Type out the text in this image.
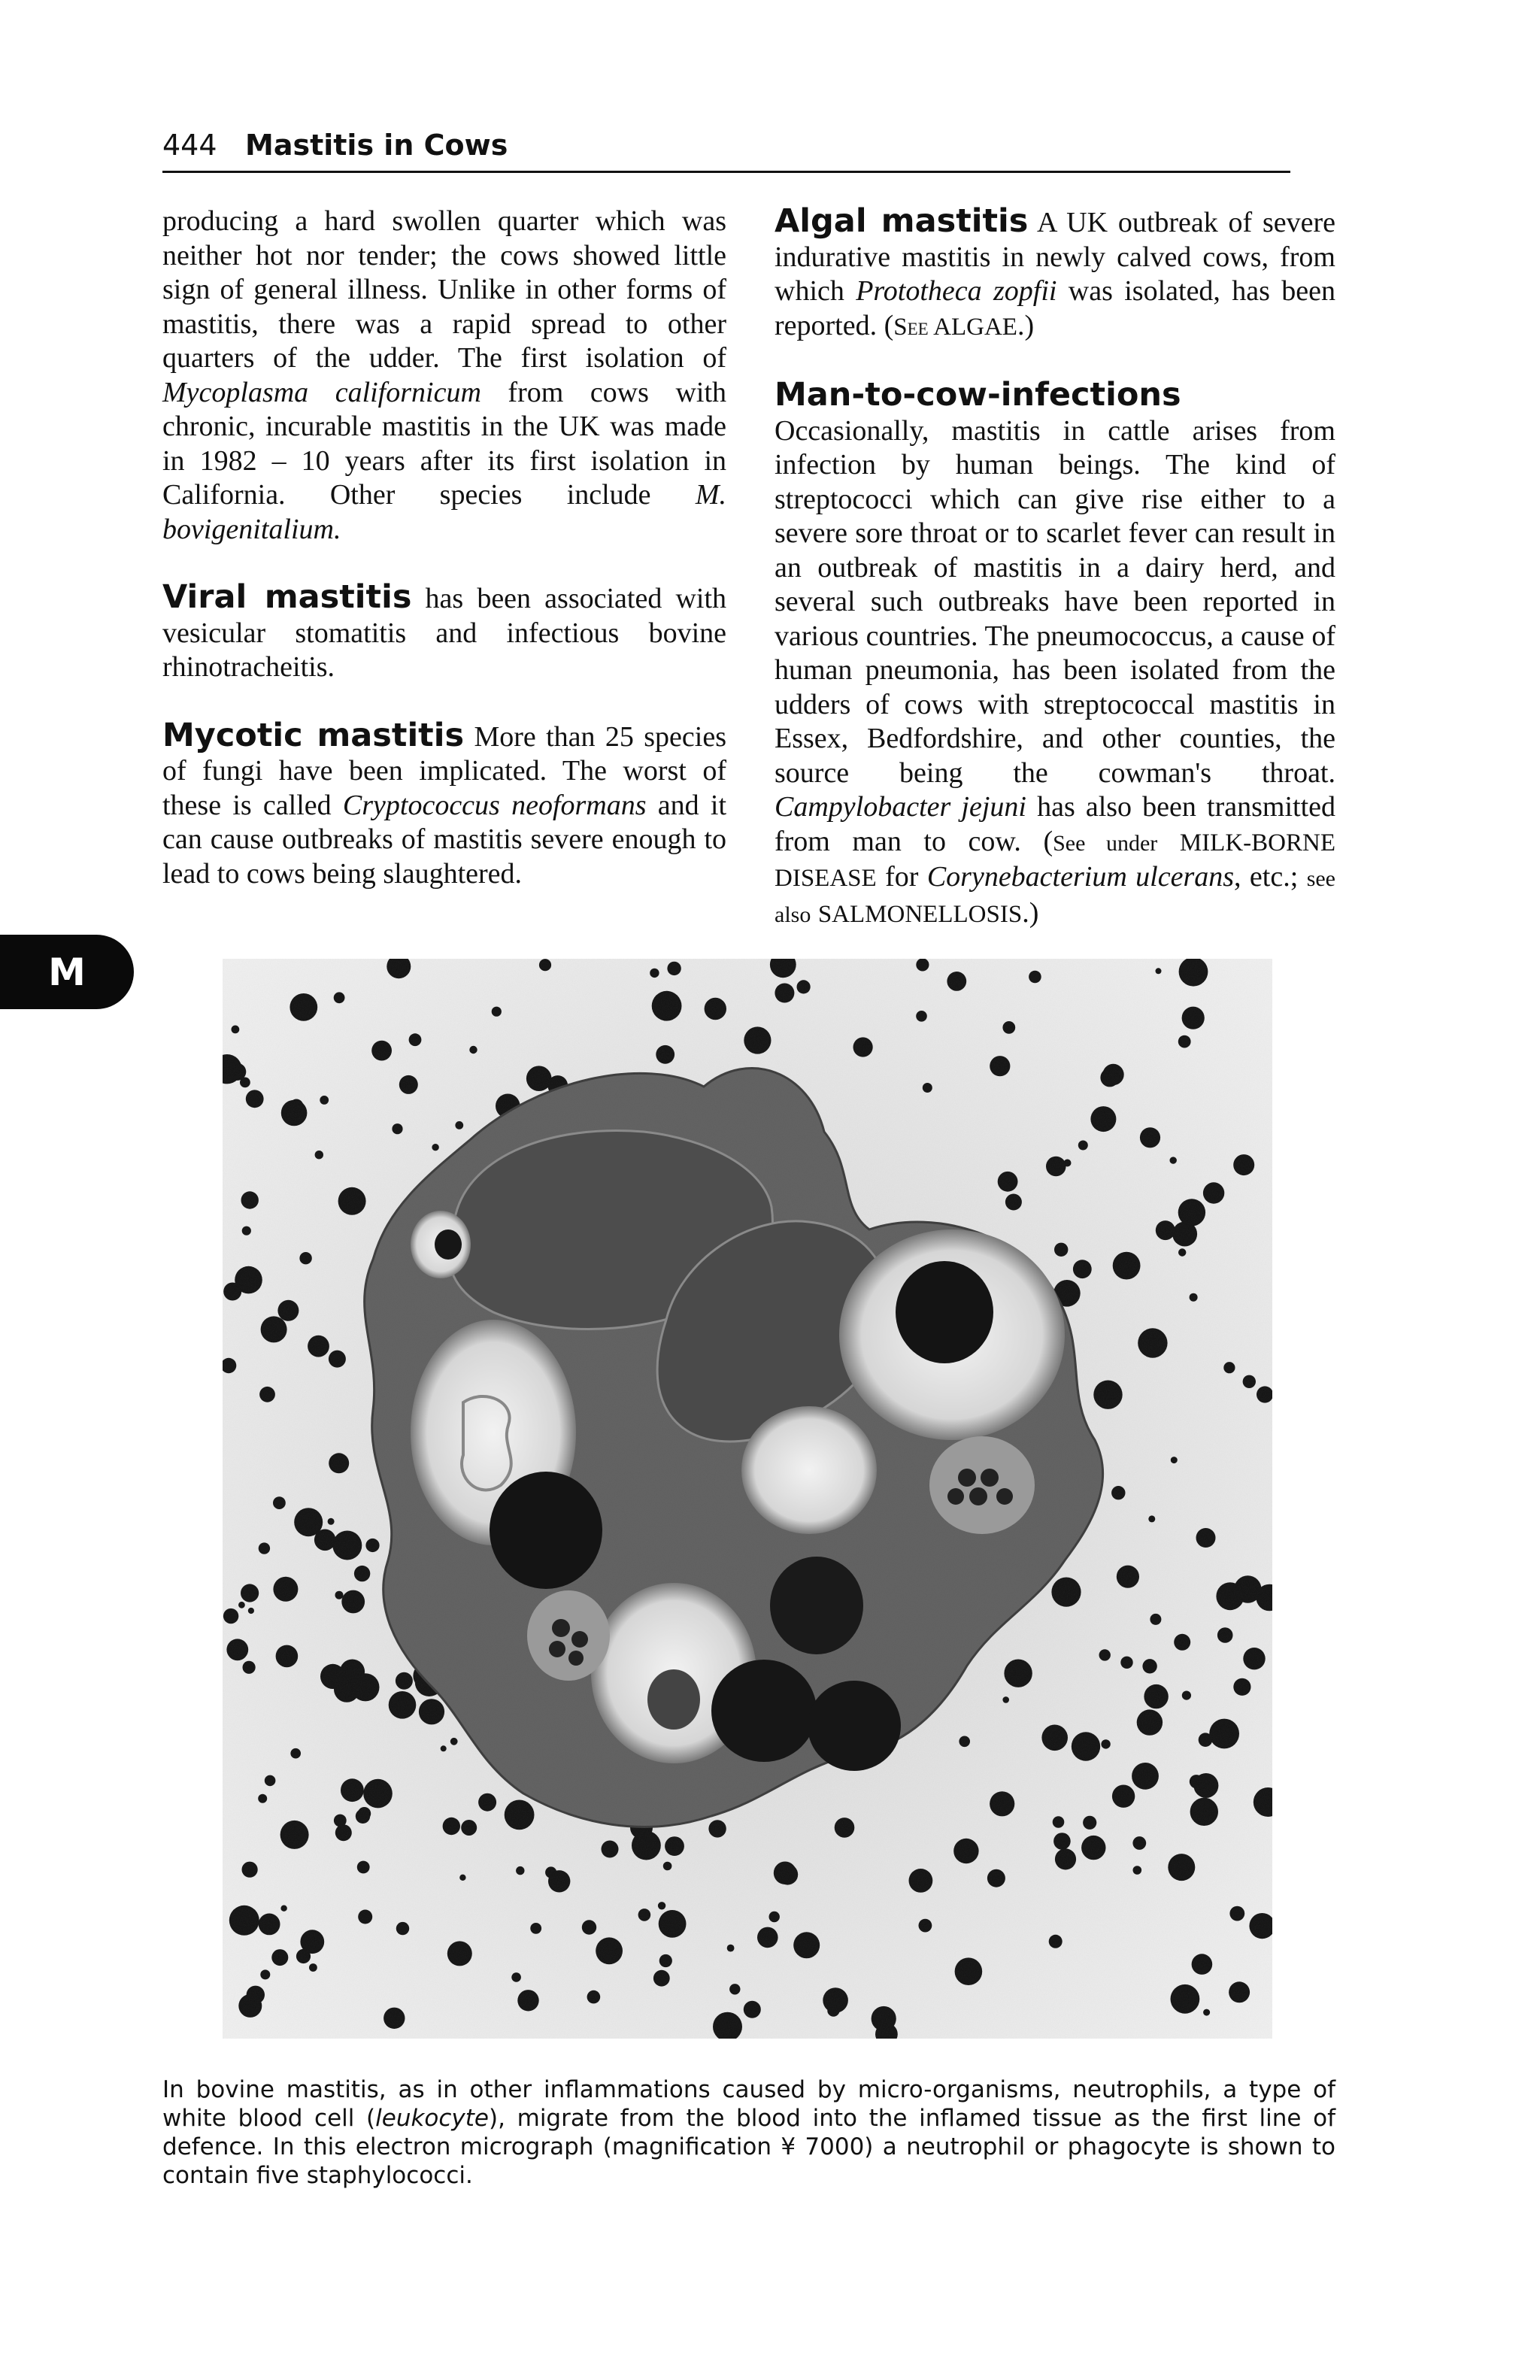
444 Mastitis in Cows

producing a hard swollen quarter which was neither hot nor tender; the cows showed little sign of general illness. Unlike in other forms of mastitis, there was a rapid spread to other quarters of the udder. The first isolation of Mycoplasma californicum from cows with chronic, incurable mastitis in the UK was made in 1982 – 10 years after its first isolation in California. Other species include M. bovigenitalium.

Viral mastitis has been associated with vesicular stomatitis and infectious bovine rhinotracheitis.

Mycotic mastitis More than 25 species of fungi have been implicated. The worst of these is called Cryptococcus neoformans and it can cause outbreaks of mastitis severe enough to lead to cows being slaughtered.

Algal mastitis A UK outbreak of severe indurative mastitis in newly calved cows, from which Prototheca zopfii was isolated, has been reported. (See ALGAE.)

Man-to-cow-infections Occasionally, mastitis in cattle arises from infection by human beings. The kind of streptococci which can give rise either to a severe sore throat or to scarlet fever can result in an outbreak of mastitis in a dairy herd, and several such outbreaks have been reported in various countries. The pneumococcus, a cause of human pneumonia, has been isolated from the udders of cows with streptococcal mastitis in Essex, Bedfordshire, and other counties, the source being the cowman's throat. Campylobacter jejuni has also been transmitted from man to cow. (See under MILK-BORNE DISEASE for Corynebacterium ulcerans, etc.; see also SALMONELLOSIS.)

M
In bovine mastitis, as in other inflammations caused by micro-organisms, neutrophils, a type of white blood cell (leukocyte), migrate from the blood into the inflamed tissue as the first line of defence. In this electron micrograph (magnification ¥ 7000) a neutrophil or phagocyte is shown to contain five staphylococci.
